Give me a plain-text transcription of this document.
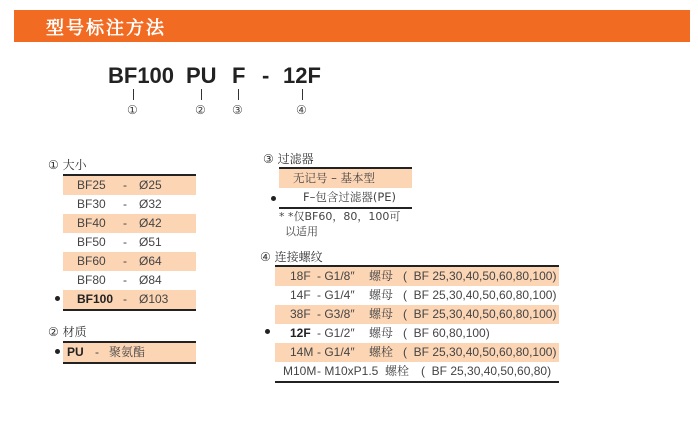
型号标注方法
BF100 PU F - 12F
①	② ③	④
① 大小
BF25 - Ø25
BF30 - Ø32
BF40 - Ø42
BF50 - Ø51
BF60 - Ø64
BF80 - Ø84
BF100 - Ø103
② 材质
PU - 聚氨酯
③ 过滤器
无记号 – 基本型
F–包含过滤器(PE)
* *仅BF60，80，100可
以适用
④ 连接螺纹
18F - G1/8″ 螺母 (  BF 25,30,40,50,60,80,100)
14F - G1/4″ 螺母 (  BF 25,30,40,50,60,80,100)
38F - G3/8″ 螺母 (  BF 25,30,40,50,60,80,100)
12F - G1/2″ 螺母 (  BF 60,80,100)
14M - G1/4″ 螺栓 (  BF 25,30,40,50,60,80,100)
M10M - M10xP1.5 螺栓 (  BF 25,30,40,50,60,80)
